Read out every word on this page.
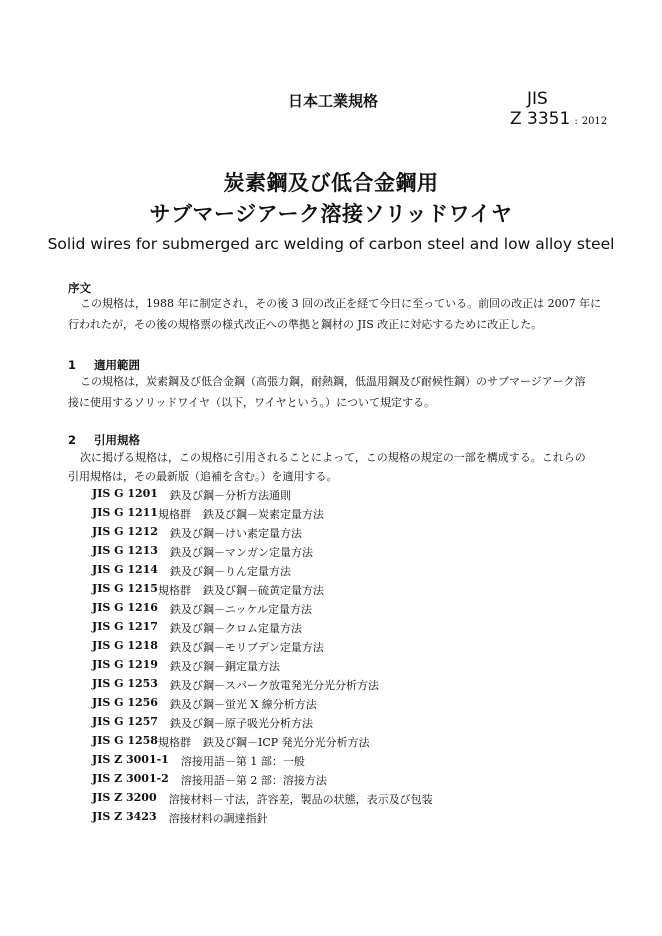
日本工業規格	JIS
Z 3351 : 2012
炭素鋼及び低合金鋼用
サブマージアーク溶接ソリッドワイヤ
Solid wires for submerged arc welding of carbon steel and low alloy steel
序文
この規格は，1988 年に制定され，その後 3 回の改正を経て今日に至っている。前回の改正は 2007 年に
行われたが，その後の規格票の様式改正への準拠と鋼材の JIS 改正に対応するために改正した。
1 適用範囲
この規格は，炭素鋼及び低合金鋼（高張力鋼，耐熱鋼，低温用鋼及び耐候性鋼）のサブマージアーク溶
接に使用するソリッドワイヤ（以下，ワイヤという。）について規定する。
2 引用規格
次に掲げる規格は，この規格に引用されることによって，この規格の規定の一部を構成する。これらの
引用規格は，その最新版（追補を含む。）を適用する。
JIS G 1201 鉄及び鋼－分析方法通則
JIS G 1211 規格群 鉄及び鋼－炭素定量方法
JIS G 1212 鉄及び鋼－けい素定量方法
JIS G 1213 鉄及び鋼－マンガン定量方法
JIS G 1214 鉄及び鋼－りん定量方法
JIS G 1215 規格群 鉄及び鋼－硫黄定量方法
JIS G 1216 鉄及び鋼－ニッケル定量方法
JIS G 1217 鉄及び鋼－クロム定量方法
JIS G 1218 鉄及び鋼－モリブデン定量方法
JIS G 1219 鉄及び鋼－銅定量方法
JIS G 1253 鉄及び鋼－スパーク放電発光分光分析方法
JIS G 1256 鉄及び鋼－蛍光 X 線分析方法
JIS G 1257 鉄及び鋼－原子吸光分析方法
JIS G 1258 規格群 鉄及び鋼－ICP 発光分光分析方法
JIS Z 3001-1 溶接用語－第 1 部：一般
JIS Z 3001-2 溶接用語－第 2 部：溶接方法
JIS Z 3200 溶接材料－寸法，許容差，製品の状態，表示及び包装
JIS Z 3423 溶接材料の調達指針
